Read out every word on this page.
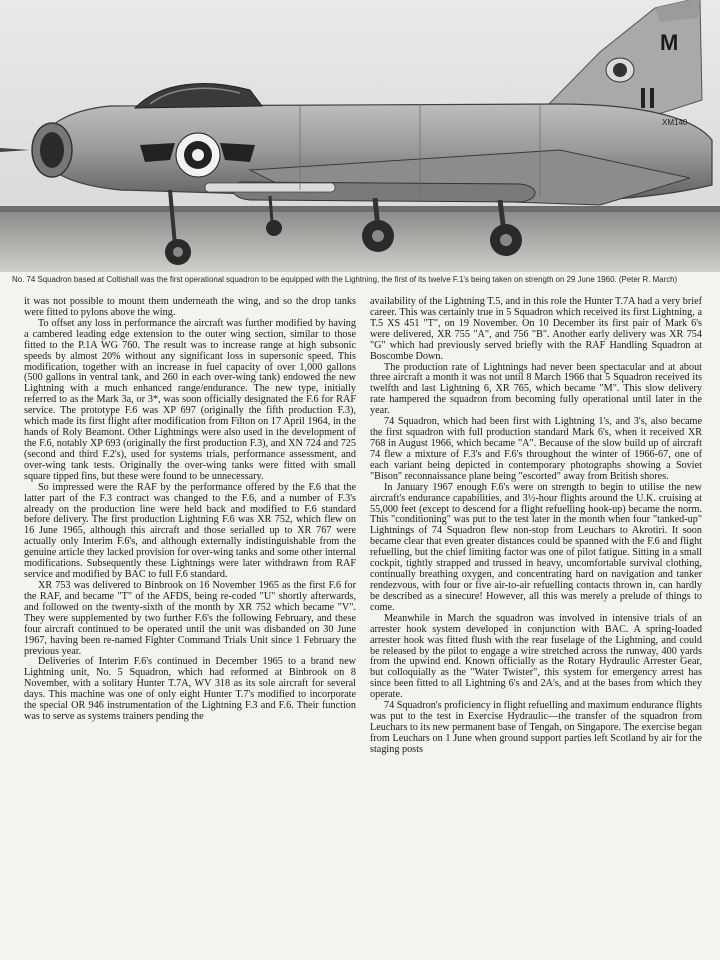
M
XM140
No. 74 Squadron based at Coltishall was the first operational squadron to be equipped with the Lightning, the first of its twelve F.1's being taken on strength on 29 June 1960. (Peter R. March)

it was not possible to mount them underneath the wing, and so the drop tanks were fitted to pylons above the wing.

To offset any loss in performance the aircraft was further modified by having a cambered leading edge extension to the outer wing section, similar to those fitted to the P.1A WG 760. The result was to increase range at high subsonic speeds by almost 20% without any significant loss in supersonic speed. This modification, together with an increase in fuel capacity of over 1,000 gallons (500 gallons in ventral tank, and 260 in each over-wing tank) endowed the new Lightning with a much enhanced range/endurance. The new type, initially referred to as the Mark 3a, or 3*, was soon officially designated the F.6 for RAF service. The prototype F.6 was XP 697 (originally the fifth production F.3), which made its first flight after modification from Filton on 17 April 1964, in the hands of Roly Beamont. Other Lightnings were also used in the development of the F.6, notably XP 693 (originally the first production F.3), and XN 724 and 725 (second and third F.2's), used for systems trials, performance assessment, and over-wing tank tests. Originally the over-wing tanks were fitted with small square tipped fins, but these were found to be unnecessary.

So impressed were the RAF by the performance offered by the F.6 that the latter part of the F.3 contract was changed to the F.6, and a number of F.3's already on the production line were held back and modified to F.6 standard before delivery. The first production Lightning F.6 was XR 752, which flew on 16 June 1965, although this aircraft and those serialled up to XR 767 were actually only Interim F.6's, and although externally indistinguishable from the genuine article they lacked provision for over-wing tanks and some other internal modifications. Subsequently these Lightnings were later withdrawn from RAF service and modified by BAC to full F.6 standard.

XR 753 was delivered to Binbrook on 16 November 1965 as the first F.6 for the RAF, and became "T" of the AFDS, being re-coded "U" shortly afterwards, and followed on the twenty-sixth of the month by XR 752 which became "V". They were supplemented by two further F.6's the following February, and these four aircraft continued to be operated until the unit was disbanded on 30 June 1967, having been re-named Fighter Command Trials Unit since 1 February the previous year.

Deliveries of Interim F.6's continued in December 1965 to a brand new Lightning unit, No. 5 Squadron, which had reformed at Binbrook on 8 November, with a solitary Hunter T.7A, WV 318 as its sole aircraft for several days. This machine was one of only eight Hunter T.7's modified to incorporate the special OR 946 instrumentation of the Lightning F.3 and F.6. Their function was to serve as systems trainers pending the

availability of the Lightning T.5, and in this role the Hunter T.7A had a very brief career. This was certainly true in 5 Squadron which received its first Lightning, a T.5 XS 451 "T", on 19 November. On 10 December its first pair of Mark 6's were delivered, XR 755 "A", and 756 "B". Another early delivery was XR 754 "G" which had previously served briefly with the RAF Handling Squadron at Boscombe Down.

The production rate of Lightnings had never been spectacular and at about three aircraft a month it was not until 8 March 1966 that 5 Squadron received its twelfth and last Lightning 6, XR 765, which became "M". This slow delivery rate hampered the squadron from becoming fully operational until later in the year.

74 Squadron, which had been first with Lightning 1's, and 3's, also became the first squadron with full production standard Mark 6's, when it received XR 768 in August 1966, which became "A". Because of the slow build up of aircraft 74 flew a mixture of F.3's and F.6's throughout the winter of 1966-67, one of each variant being depicted in contemporary photographs showing a Soviet "Bison" reconnaissance plane being "escorted" away from British shores.

In January 1967 enough F.6's were on strength to begin to utilise the new aircraft's endurance capabilities, and 3½-hour flights around the U.K. cruising at 55,000 feet (except to descend for a flight refuelling hook-up) became the norm. This "conditioning" was put to the test later in the month when four "tanked-up" Lightnings of 74 Squadron flew non-stop from Leuchars to Akrotiri. It soon became clear that even greater distances could be spanned with the F.6 and flight refuelling, but the chief limiting factor was one of pilot fatigue. Sitting in a small cockpit, tightly strapped and trussed in heavy, uncomfortable survival clothing, continually breathing oxygen, and concentrating hard on navigation and tanker rendezvous, with four or five air-to-air refuelling contacts thrown in, can hardly be described as a sinecure! However, all this was merely a prelude of things to come.

Meanwhile in March the squadron was involved in intensive trials of an arrester hook system developed in conjunction with BAC. A spring-loaded arrester hook was fitted flush with the rear fuselage of the Lightning, and could be released by the pilot to engage a wire stretched across the runway, 400 yards from the upwind end. Known officially as the Rotary Hydraulic Arrester Gear, but colloquially as the "Water Twister", this system for emergency arrest has since been fitted to all Lightning 6's and 2A's, and at the bases from which they operate.

74 Squadron's proficiency in flight refuelling and maximum endurance flights was put to the test in Exercise Hydraulic—the transfer of the squadron from Leuchars to its new permanent base of Tengah, on Singapore. The exercise began from Leuchars on 1 June when ground support parties left Scotland by air for the staging posts
